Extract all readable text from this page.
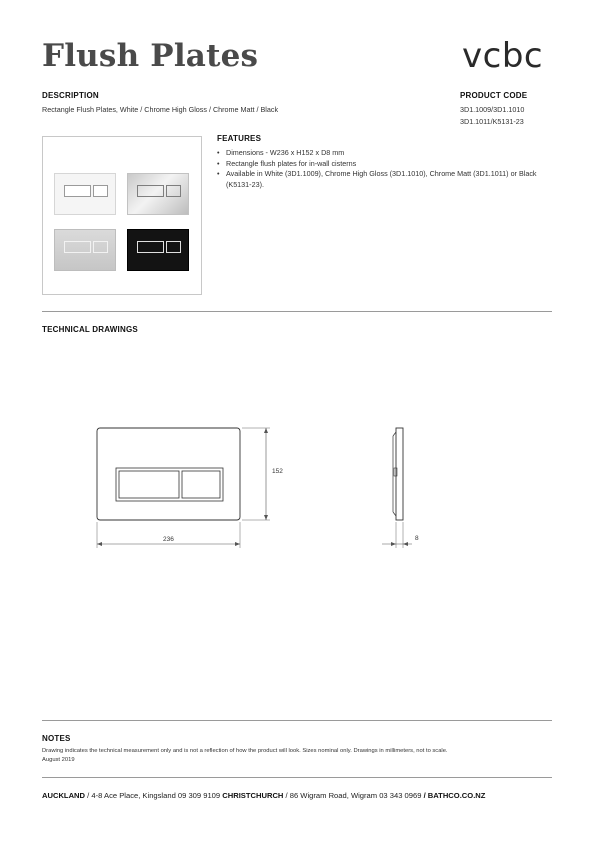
Flush Plates	vcbc
DESCRIPTION
Rectangle Flush Plates, White / Chrome High Gloss / Chrome Matt / Black
PRODUCT CODE
3D1.1009/3D1.1010
3D1.1011/K5131-23
FEATURES
• Dimensions - W236 x H152 x D8 mm
• Rectangle flush plates for in-wall cisterns
• Available in White (3D1.1009), Chrome High Gloss (3D1.1010), Chrome Matt (3D1.1011) or Black (K5131-23).
TECHNICAL DRAWINGS
152
236	8
NOTES
Drawing indicates the technical measurement only and is not a reflection of how the product will look. Sizes nominal only. Drawings in millimeters, not to scale.
August 2019
AUCKLAND / 4-8 Ace Place, Kingsland 09 309 9109 CHRISTCHURCH / 86 Wigram Road, Wigram 03 343 0969 / BATHCO.CO.NZ
